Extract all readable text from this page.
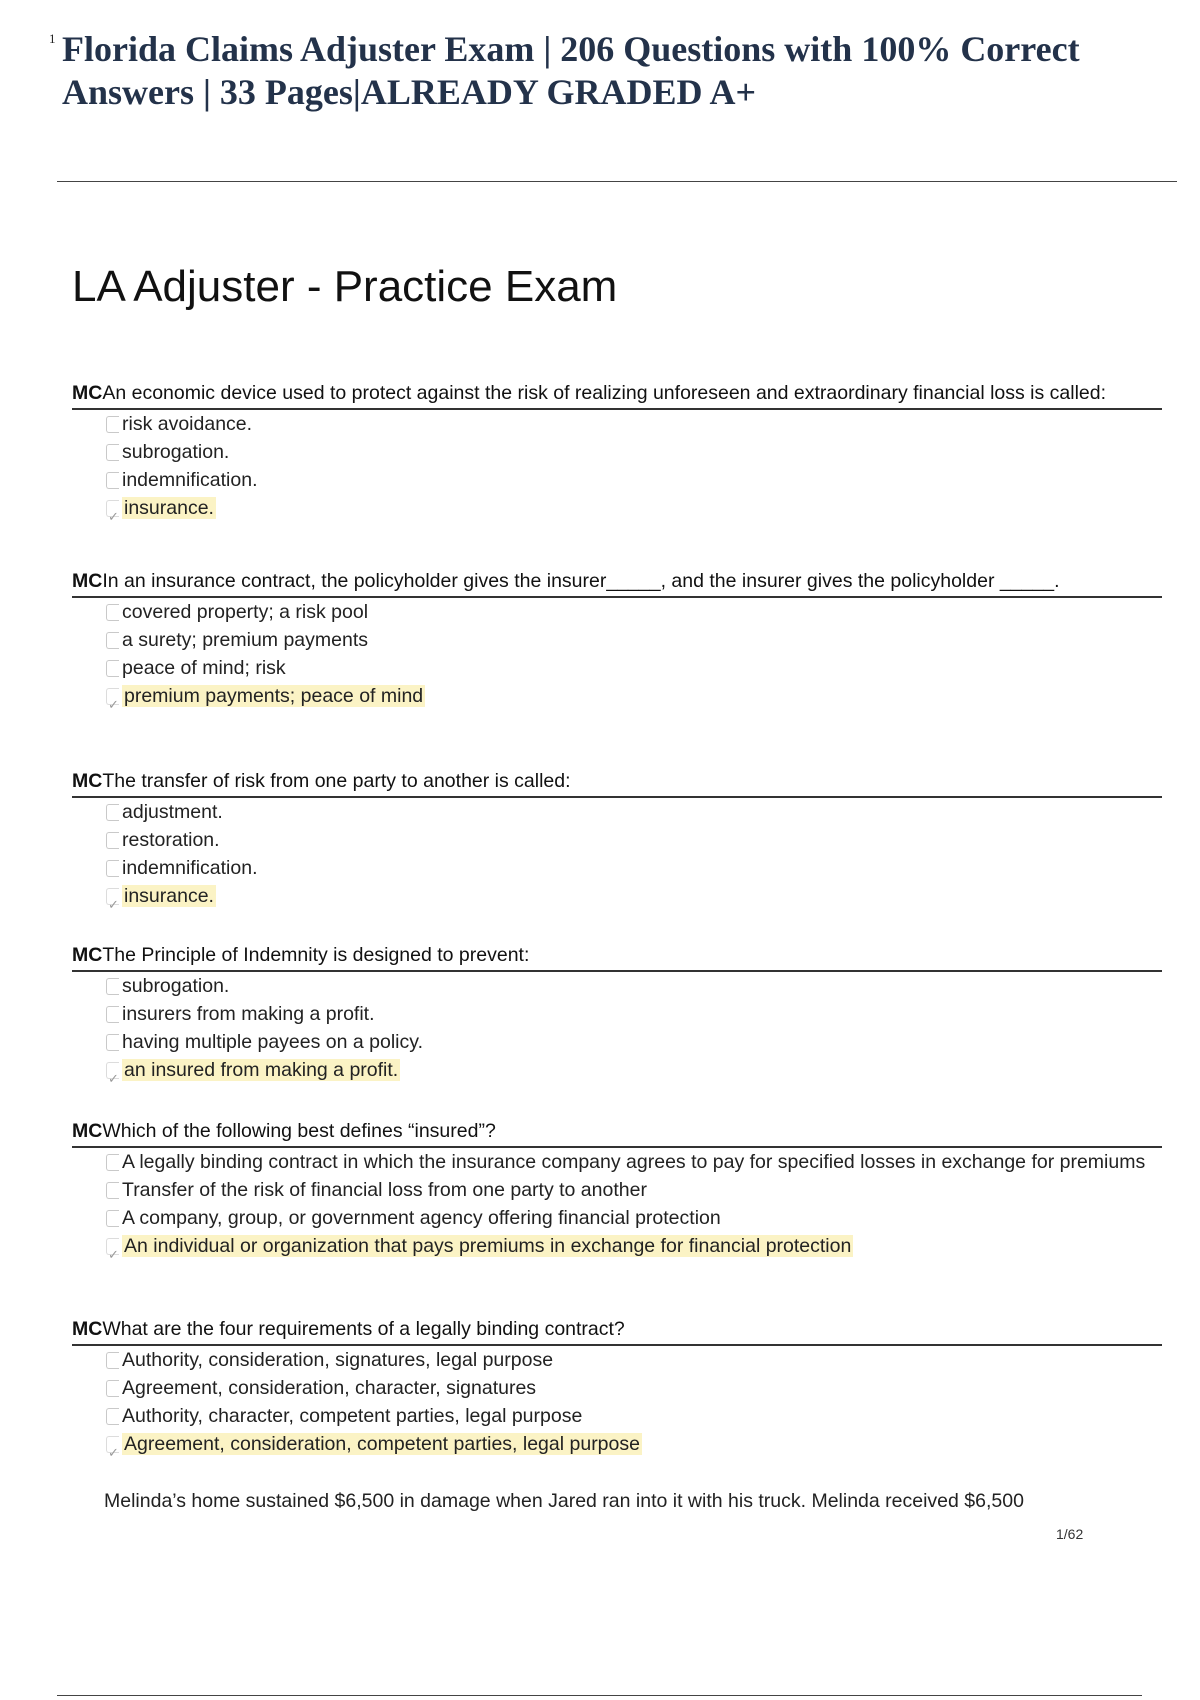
1 Florida Claims Adjuster Exam | 206 Questions with 100% Correct Answers | 33 Pages|ALREADY GRADED A+
LA Adjuster - Practice Exam
MCAn economic device used to protect against the risk of realizing unforeseen and extraordinary financial loss is called:
risk avoidance.
subrogation.
indemnification.
✓ insurance.
MCIn an insurance contract, the policyholder gives the insurer_____, and the insurer gives the policyholder _____.
covered property; a risk pool
a surety; premium payments
peace of mind; risk
✓ premium payments; peace of mind
MCThe transfer of risk from one party to another is called:
adjustment.
restoration.
indemnification.
✓ insurance.
MCThe Principle of Indemnity is designed to prevent:
subrogation.
insurers from making a profit.
having multiple payees on a policy.
✓ an insured from making a profit.
MCWhich of the following best defines “insured”?
A legally binding contract in which the insurance company agrees to pay for specified losses in exchange for premiums
Transfer of the risk of financial loss from one party to another
A company, group, or government agency offering financial protection
✓ An individual or organization that pays premiums in exchange for financial protection
MCWhat are the four requirements of a legally binding contract?
Authority, consideration, signatures, legal purpose
Agreement, consideration, character, signatures
Authority, character, competent parties, legal purpose
✓ Agreement, consideration, competent parties, legal purpose

Melinda’s home sustained $6,500 in damage when Jared ran into it with his truck. Melinda received $6,500

1/62
